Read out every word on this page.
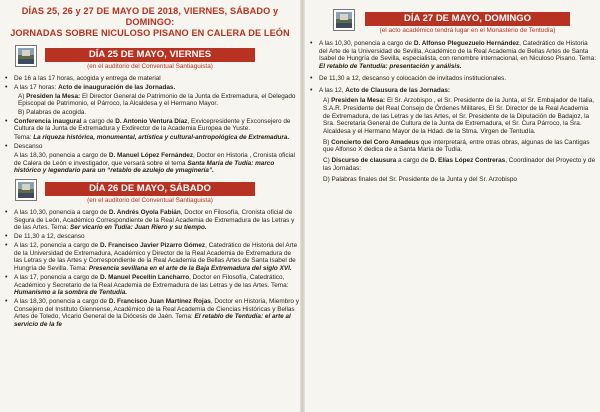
DÍAS 25, 26 y 27 DE MAYO DE 2018, VIERNES, SÁBADO y DOMINGO:
JORNADAS SOBRE NICULOSO PISANO EN CALERA DE LEÓN
DÍA 25 DE MAYO, VIERNES
(en el auditorio del Conventual Santiaguista)
• De 16 a las 17 horas, acogida y entrega de material
• A las 17 horas: Acto de inauguración de las Jornadas.
A) Presiden la Mesa: El Director General de Patrimonio de la Junta de Extremadura, el Delegado Episcopal de Patrimonio, el Párroco, la Alcaldesa y el Hermano Mayor.
B) Palabras de acogida.
• Conferencia inaugural a cargo de D. Antonio Ventura Díaz, Exvicepresidente y Exconsejero de Cultura de la Junta de Extremadura y Exdirector de la Academia Europea de Yuste.
Tema: La riqueza histórica, monumental, artística y cultural-antropológica de Extremadura.
• Descanso
A las 18,30, ponencia a cargo de D. Manuel López Fernández, Doctor en Historia , Cronista oficial de Calera de León e investigador, que versará sobre el tema Santa María de Tudía: marco histórico y legendario para un “retablo de azulejo de ymaginería”.
DÍA 26 DE MAYO, SÁBADO
(en el auditorio del Conventual Santiaguista)
• A las 10,30, ponencia a cargo de D. Andrés Oyola Fabián, Doctor en Filosofía, Cronista oficial de Segura de León, Académico Correspondiente de la Real Academia de Extremadura de las Letras y de las Artes. Tema: Ser vicario en Tudía: Juan Riero y su tiempo.
• De 11,30 a 12, descanso
• A las 12, ponencia a cargo de D. Francisco Javier Pizarro Gómez, Catedrático de Historia del Arte de la Universidad de Extremadura, Académico y Director de la Real Academia de Extremadura de las Letras y de las Artes y Correspondiente de la Real Academia de Bellas Artes de Santa Isabel de Hungría de Sevilla. Tema: Presencia sevillana en el arte de la Baja Extremadura del siglo XVI.
• A las 17, ponencia a cargo de D. Manuel Pecellín Lancharro, Doctor en Filosofía, Catedrático, Académico y Secretario de la Real Academia de Extremadura de las Letras y de las Artes. Tema: Humanismo a la sombra de Tentudía.
• A las 18,30, ponencia a cargo de D. Francisco Juan Martínez Rojas, Doctor en Historia, Miembro y Consejero del Instituto Giennense, Académico de la Real Academia de Ciencias Históricas y Bellas Artes de Toledo, Vicario General de la Diócesis de Jaén. Tema: El retablo de Tentudía: el arte al servicio de la fe
DÍA 27 DE MAYO, DOMINGO
(el acto académico tendrá lugar en el Monasterio de Tentudía)
• A las 10,30, ponencia a cargo de D. Alfonso Pleguezuelo Hernández, Catedrático de Historia del Arte de la Universidad de Sevilla, Académico de la Real Academia de Bellas Artes de Santa Isabel de Hungría de Sevilla, especialista, con renombre internacional, en Niculoso Pisano. Tema: El retablo de Tentudía: presentación y análisis.
• De 11,30 a 12, descanso y colocación de invitados institucionales.
• A las 12, Acto de Clausura de las Jornadas:
A) Presiden la Mesa: El Sr. Arzobispo , el Sr. Presidente de la Junta, el Sr. Embajador de Italia, S.A.R. Presidente del Real Consejo de Órdenes Militares, El Sr. Director de la Real Academia de Extremadura, de las Letras y de las Artes, el Sr. Presidente de la Diputación de Badajoz, la Sra. Secretaria General de Cultura de la Junta de Extremadura, el Sr. Cura Párroco, la Sra. Alcaldesa y el Hermano Mayor de la Hdad. de la Stma. Virgen de Tentudía.
B) Concierto del Coro Amadeus que interpretará, entre otras obras, algunas de las Cantigas que Alfonso X dedica de a Santa María de Tudía.
C) Discurso de clausura a cargo de D. Elías López Contreras, Coordinador del Proyecto y de las Jornadas:
D) Palabras finales del Sr. Presidente de la Junta y del Sr. Arzobispo
